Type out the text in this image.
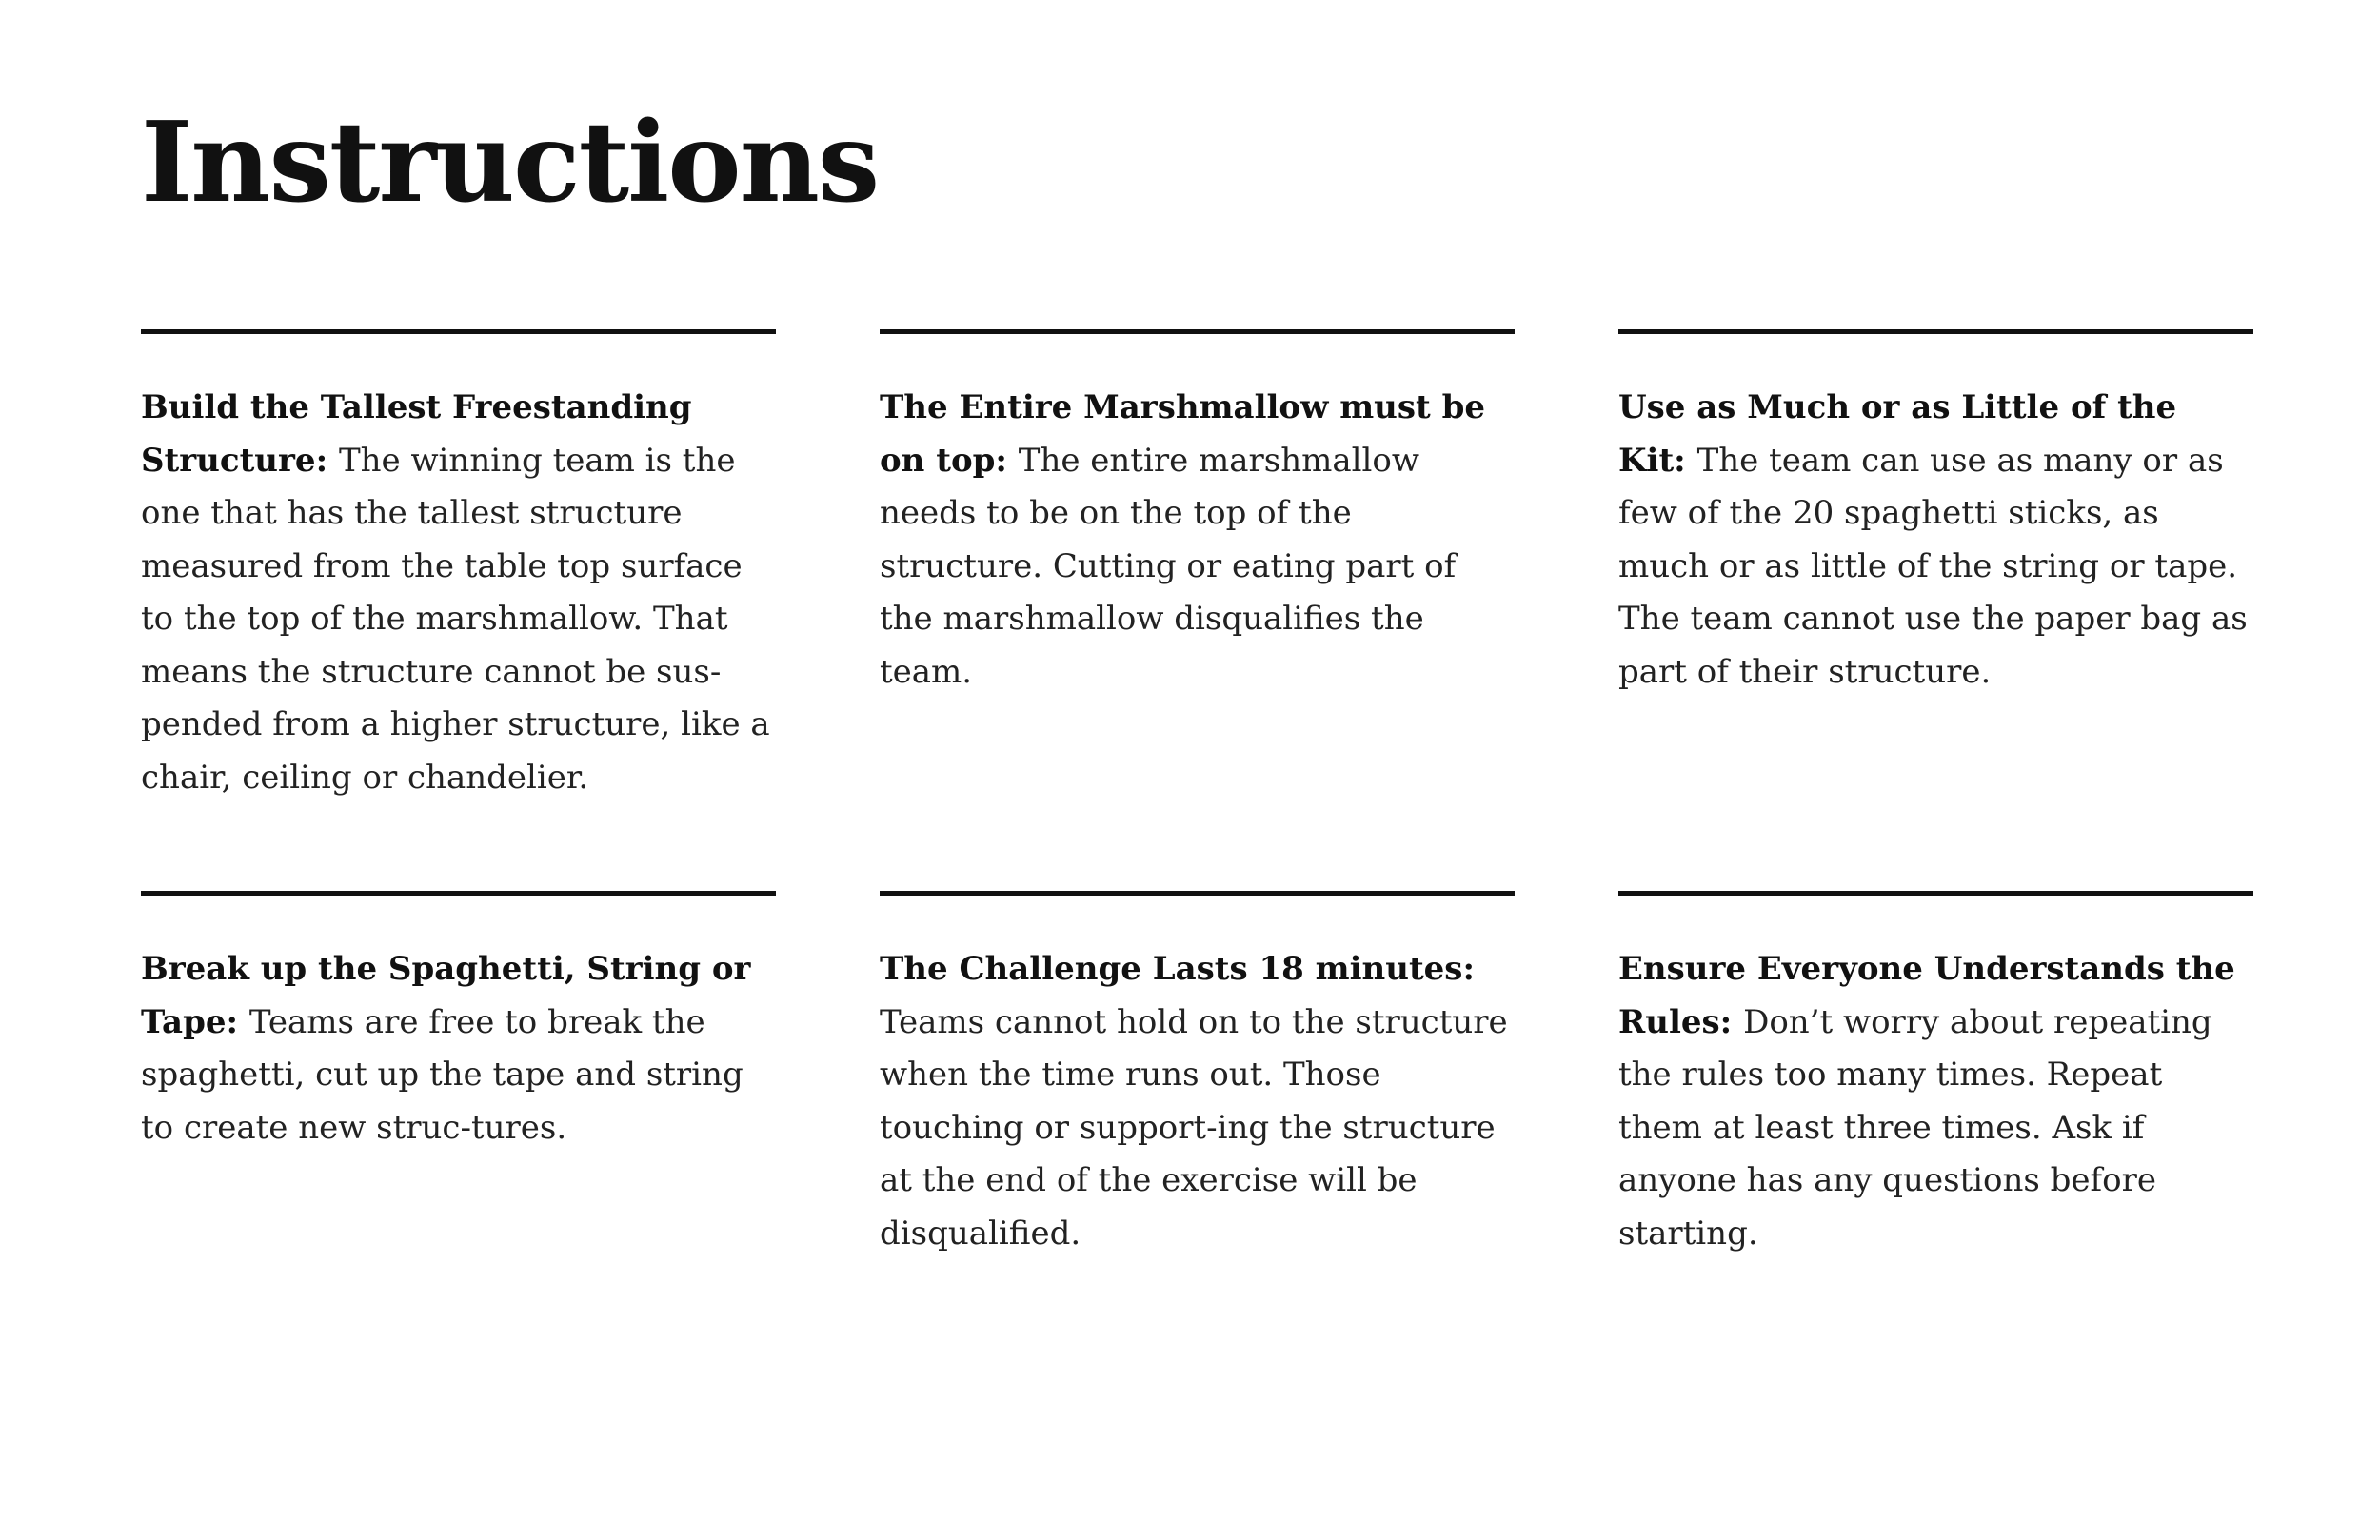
Instructions
Build the Tallest Freestanding Structure: The winning team is the one that has the tallest structure measured from the table top surface to the top of the marshmallow. That means the structure cannot be sus-pended from a higher structure, like a chair, ceiling or chandelier.
The Entire Marshmallow must be on top: The entire marshmallow needs to be on the top of the structure. Cutting or eating part of the marshmallow disqualifies the team.
Use as Much or as Little of the Kit: The team can use as many or as few of the 20 spaghetti sticks, as much or as little of the string or tape. The team cannot use the paper bag as part of their structure.
Break up the Spaghetti, String or Tape: Teams are free to break the spaghetti, cut up the tape and string to create new struc-tures.
The Challenge Lasts 18 minutes: Teams cannot hold on to the structure when the time runs out. Those touching or support-ing the structure at the end of the exercise will be disqualified.
Ensure Everyone Understands the Rules: Don’t worry about repeating the rules too many times. Repeat them at least three times. Ask if anyone has any questions before starting.
